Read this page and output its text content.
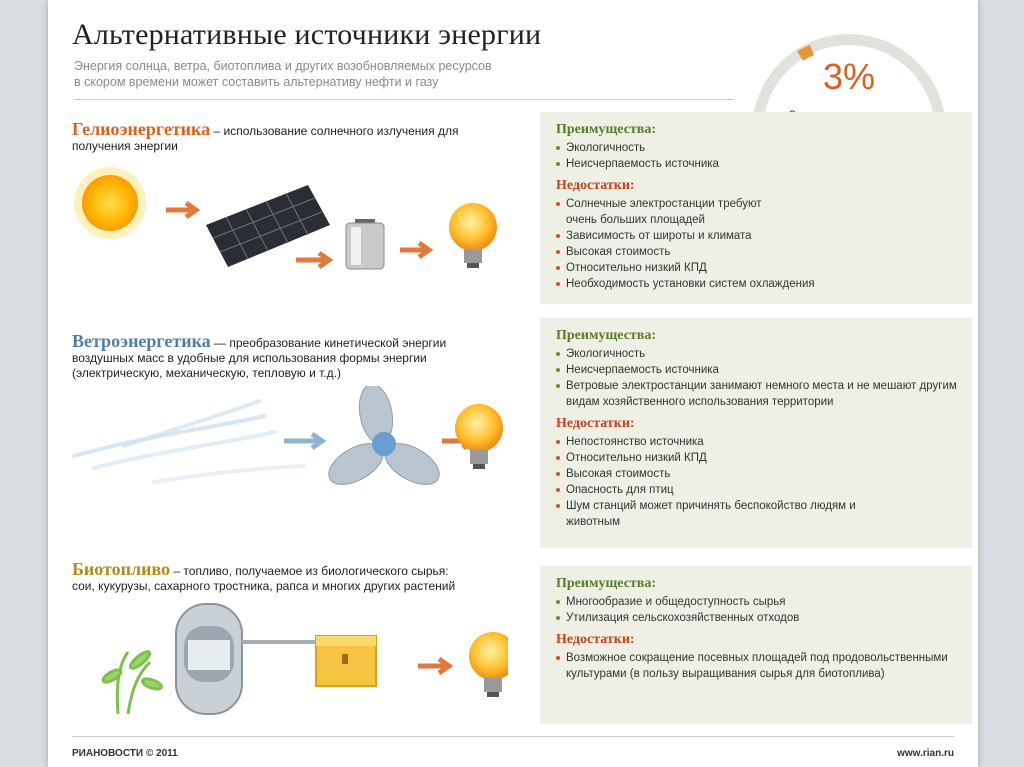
Альтернативные источники энергии
Энергия солнца, ветра, биотоплива и других возобновляемых ресурсов
в скором времени может составить альтернативу нефти и газу	3%
Гелиоэнергетика – использование солнечного излучения для
получения энергии
Преимущества:
Экологичность
Неисчерпаемость источника
Недостатки:
Солнечные электростанции требуют очень больших площадей
Зависимость от широты и климата
Высокая стоимость
Относительно низкий КПД
Необходимость установки систем охлаждения
Ветроэнергетика — преобразование кинетической энергии
воздушных масс в удобные для использования формы энергии
(электрическую, механическую, тепловую и т.д.)
Преимущества:
Экологичность
Неисчерпаемость источника
Ветровые электростанции занимают немного места и не мешают другим видам хозяйственного использования территории
Недостатки:
Непостоянство источника
Относительно низкий КПД
Высокая стоимость
Опасность для птиц
Шум станций может причинять беспокойство людям и животным
Биотопливо – топливо, получаемое из биологического сырья:
сои, кукурузы, сахарного тростника, рапса и многих других растений	Преимущества:
Многообразие и общедоступность сырья
Утилизация сельскохозяйственных отходов
Недостатки:
Возможное сокращение посевных площадей под продовольственными культурами (в пользу выращивания сырья для биотоплива)
РИАНОВОСТИ © 2011	www.rian.ru
